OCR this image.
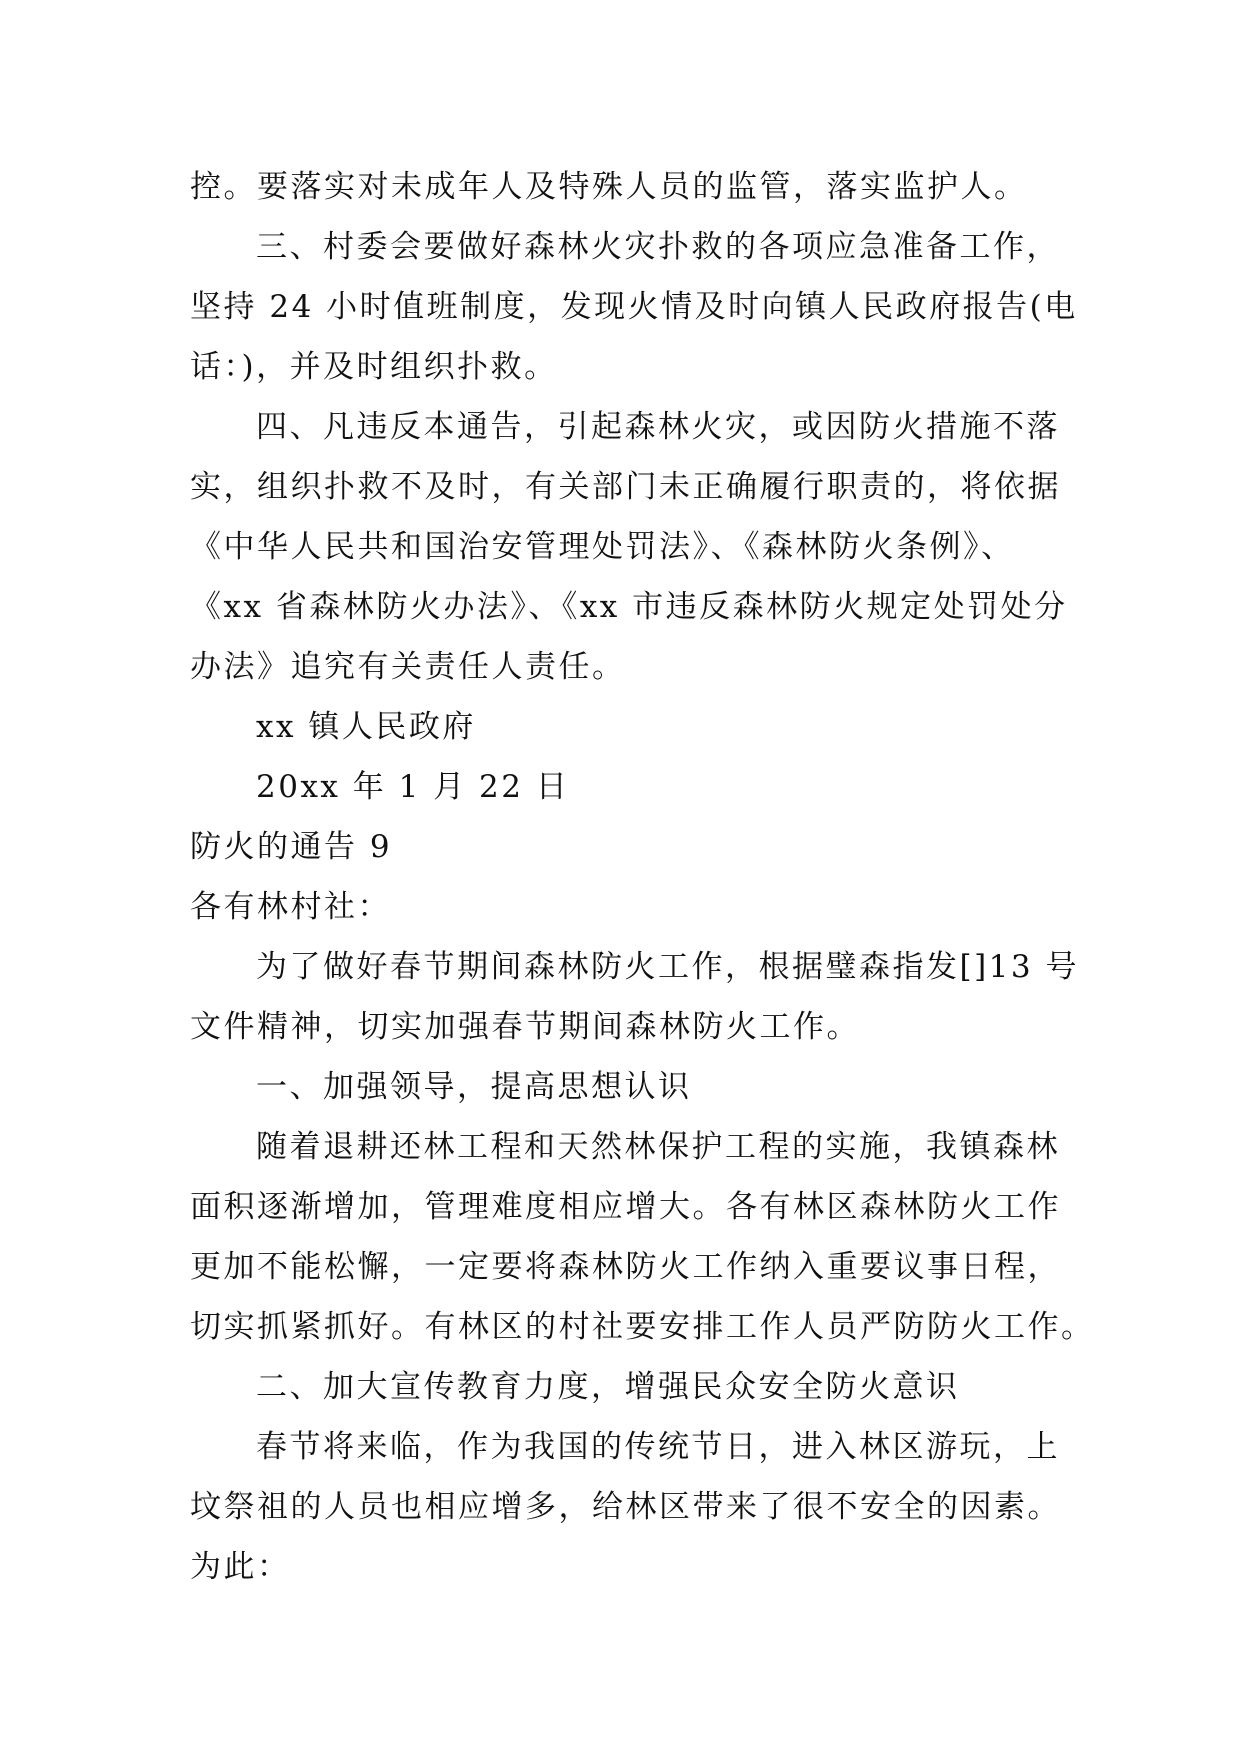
控。要落实对未成年人及特殊人员的监管，落实监护人。
三、村委会要做好森林火灾扑救的各项应急准备工作，
坚持 24 小时值班制度，发现火情及时向镇人民政府报告(电
话：)，并及时组织扑救。
四、凡违反本通告，引起森林火灾，或因防火措施不落
实，组织扑救不及时，有关部门未正确履行职责的，将依据
《中华人民共和国治安管理处罚法》、《森林防火条例》、
《xx 省森林防火办法》、《xx 市违反森林防火规定处罚处分
办法》追究有关责任人责任。
xx 镇人民政府
20xx 年 1 月 22 日
防火的通告 9
各有林村社：
为了做好春节期间森林防火工作，根据璧森指发[]13 号
文件精神，切实加强春节期间森林防火工作。
一、加强领导，提高思想认识
随着退耕还林工程和天然林保护工程的实施，我镇森林
面积逐渐增加，管理难度相应增大。各有林区森林防火工作
更加不能松懈，一定要将森林防火工作纳入重要议事日程，
切实抓紧抓好。有林区的村社要安排工作人员严防防火工作。
二、加大宣传教育力度，增强民众安全防火意识
春节将来临，作为我国的传统节日，进入林区游玩，上
坟祭祖的人员也相应增多，给林区带来了很不安全的因素。
为此：
